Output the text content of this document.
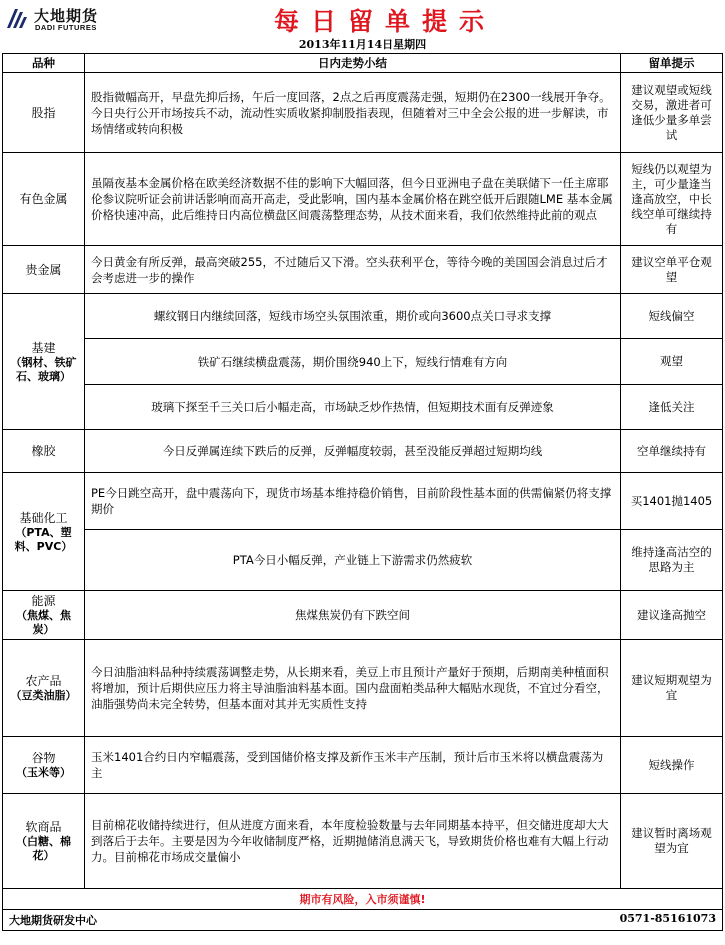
大地期货
DADI FUTURES	每日留单提示
2013年11月14日星期四
品种	日内走势小结	留单提示
股指	股指微幅高开，早盘先抑后扬，午后一度回落，2点之后再度震荡走强，短期仍在2300一线展开争夺。今日央行公开市场按兵不动，流动性实质收紧抑制股指表现，但随着对三中全会公报的进一步解读，市场情绪或转向积极	建议观望或短线交易，激进者可逢低少量多单尝试
有色金属	虽隔夜基本金属价格在欧美经济数据不佳的影响下大幅回落，但今日亚洲电子盘在美联储下一任主席耶伦参议院听证会前讲话影响而高开高走，受此影响，国内基本金属价格在跳空低开后跟随LME 基本金属价格快速冲高，此后维持日内高位横盘区间震荡整理态势，从技术面来看，我们依然维持此前的观点	短线仍以观望为主，可少量逢当逢高放空，中长线空单可继续持有
贵金属	今日黄金有所反弹，最高突破255，不过随后又下滑。空头获利平仓，等待今晚的美国国会消息过后才会考虑进一步的操作	建议空单平仓观望
基建
（钢材、铁矿石、玻璃）	螺纹钢日内继续回落，短线市场空头氛围浓重，期价或向3600点关口寻求支撑	短线偏空
	铁矿石继续横盘震荡，期价围绕940上下，短线行情难有方向	观望
	玻璃下探至千三关口后小幅走高，市场缺乏炒作热情，但短期技术面有反弹迹象	逢低关注
橡胶	今日反弹属连续下跌后的反弹，反弹幅度较弱，甚至没能反弹超过短期均线	空单继续持有
基础化工
（PTA、塑料、PVC）	PE今日跳空高开，盘中震荡向下，现货市场基本维持稳价销售，目前阶段性基本面的供需偏紧仍将支撑期价	买1401抛1405
	PTA今日小幅反弹，产业链上下游需求仍然疲软	维持逢高沽空的思路为主
能源
（焦煤、焦炭）	焦煤焦炭仍有下跌空间	建议逢高抛空
农产品
（豆类油脂）	今日油脂油料品种持续震荡调整走势，从长期来看，美豆上市且预计产量好于预期，后期南美种植面积将增加，预计后期供应压力将主导油脂油料基本面。国内盘面粕类品种大幅贴水现货，不宜过分看空，油脂强势尚未完全转势，但基本面对其并无实质性支持	建议短期观望为宜
谷物
（玉米等）	玉米1401合约日内窄幅震荡，受到国储价格支撑及新作玉米丰产压制，预计后市玉米将以横盘震荡为主	短线操作
软商品
（白糖、棉花）	目前棉花收储持续进行，但从进度方面来看，本年度检验数量与去年同期基本持平，但交储进度却大大到落后于去年。主要是因为今年收储制度严格，近期抛储消息满天飞，导致期货价格也难有大幅上行动力。目前棉花市场成交量偏小	建议暂时离场观望为宜
期市有风险，入市须谨慎!		

大地期货研发中心 0571-85161073		
